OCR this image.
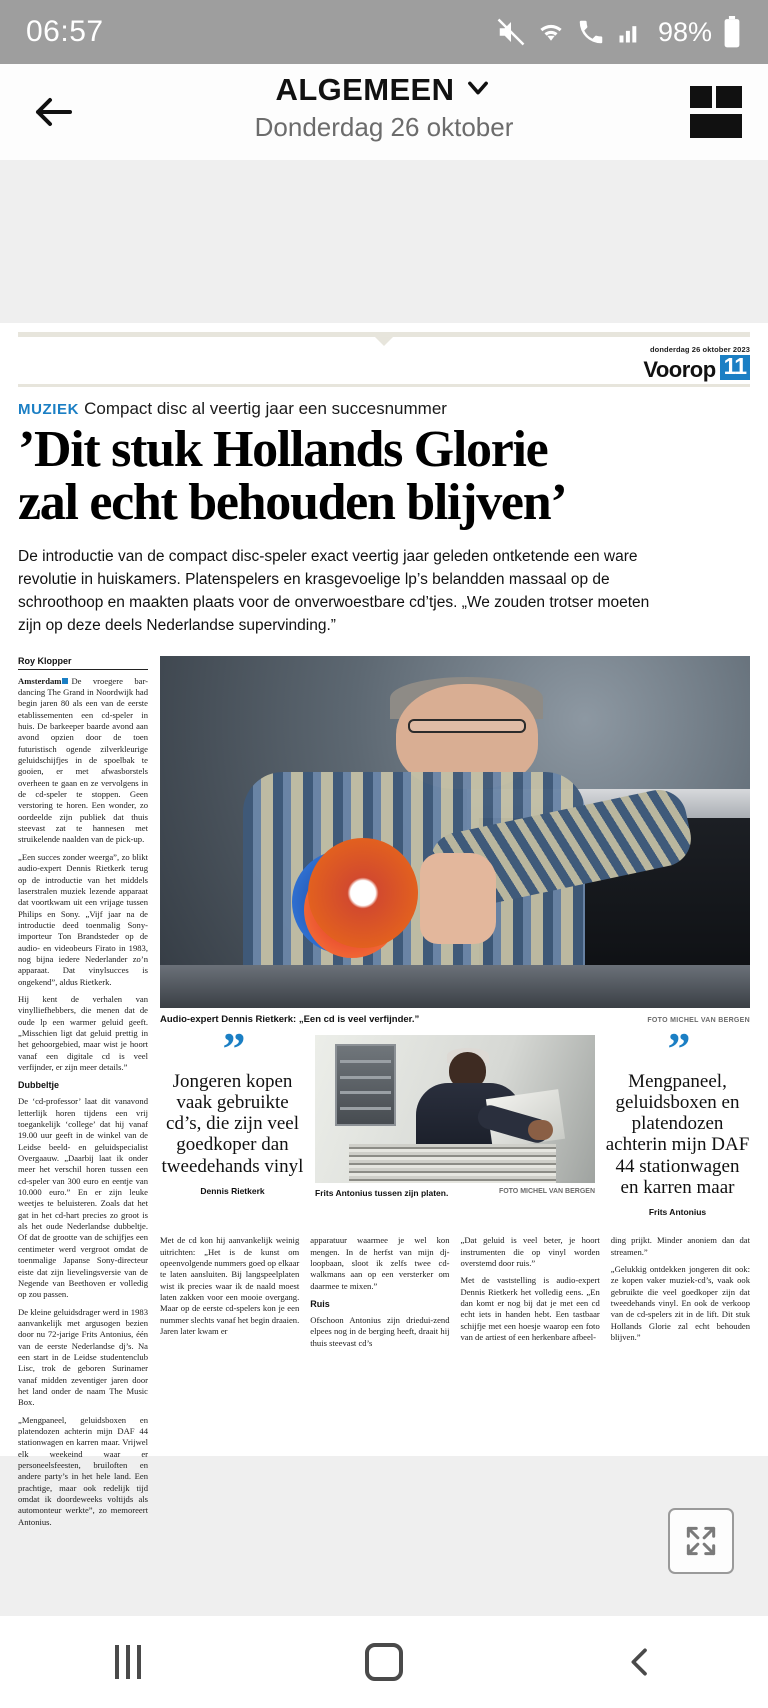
06:57	98%
ALGEMEEN
Donderdag 26 oktober
donderdag 26 oktober 2023
Voorop 11
MUZIEK Compact disc al veertig jaar een succesnummer
’Dit stuk Hollands Glorie
zal echt behouden blijven’
De introductie van de compact disc-speler exact veertig jaar geleden ontketende een ware revolutie in huiskamers. Platenspelers en krasgevoelige lp’s belandden massaal op de schroothoop en maakten plaats voor de onverwoestbare cd’tjes. „We zouden trotser moeten zijn op deze deels Nederlandse supervinding.”
Roy Klopper

Amsterdam De vroegere bar-dancing The Grand in Noordwijk had begin jaren 80 als een van de eerste etablissementen een cd-speler in huis. De barkeeper baarde avond aan avond opzien door de toen futuristisch ogende zilverkleurige geluidschijfjes in de spoelbak te gooien, er met afwasborstels overheen te gaan en ze vervolgens in de cd-speler te stoppen. Geen verstoring te horen. Een wonder, zo oordeelde zijn publiek dat thuis steevast zat te hannesen met struikelende naalden van de pick-up.

„Een succes zonder weerga”, zo blikt audio-expert Dennis Rietkerk terug op de introductie van het middels laserstralen muziek lezende apparaat dat voortkwam uit een vrijage tussen Philips en Sony. „Vijf jaar na de introductie deed toenmalig Sony-importeur Ton Brandsteder op de audio- en videobeurs Firato in 1983, nog bijna iedere Nederlander zo’n apparaat. Dat vinylsucces is ongekend”, aldus Rietkerk.

Hij kent de verhalen van vinylliefhebbers, die menen dat de oude lp een warmer geluid geeft. „Misschien ligt dat geluid prettig in het gehoorgebied, maar wist je hoort vanaf een digitale cd is veel verfijnder, er zijn meer details.”

Dubbeltje

De ‘cd-professor’ laat dit vanavond letterlijk horen tijdens een vrij toegankelijk ‘college’ dat hij vanaf 19.00 uur geeft in de winkel van de Leidse beeld- en geluidspecialist Overgaauw. „Daarbij laat ik onder meer het verschil horen tussen een cd-speler van 300 euro en eentje van 10.000 euro.” En er zijn leuke weetjes te beluisteren. Zoals dat het gat in het cd-hart precies zo groot is als het oude Nederlandse dubbeltje. Of dat de grootte van de schijfjes een centimeter werd vergroot omdat de toenmalige Japanse Sony-directeur eiste dat zijn lievelingsversie van de Negende van Beethoven er volledig op zou passen.

De kleine geluidsdrager werd in 1983 aanvankelijk met argusogen bezien door nu 72-jarige Frits Antonius, één van de eerste Nederlandse dj’s. Na een start in de Leidse studentenclub Lisc, trok de geboren Surinamer vanaf midden zeventiger jaren door het land onder de naam The Music Box.

„Mengpaneel, geluidsboxen en platendozen achterin mijn DAF 44 stationwagen en karren maar. Vrijwel elk weekeind waar er personeelsfeesten, bruiloften en andere party’s in het hele land. Een prachtige, maar ook redelijk tijd omdat ik doordeweeks voltijds als automonteur werkte”, zo memoreert Antonius.

Audio-expert Dennis Rietkerk: „Een cd is veel verfijnder.”	FOTO MICHEL VAN BERGEN
”
Jongeren kopen vaak gebruikte cd’s, die zijn veel goedkoper dan tweedehands vinyl
Dennis Rietkerk	FOTO MICHEL VAN BERGEN
Frits Antonius tussen zijn platen.
”
Mengpaneel, geluidsboxen en platendozen achterin mijn DAF 44 stationwagen en karren maar
Frits Antonius

Met de cd kon hij aanvankelijk weinig uitrichten: „Het is de kunst om opeenvolgende nummers goed op elkaar te laten aansluiten. Bij langspeelplaten wist ik precies waar ik de naald moest laten zakken voor een mooie overgang. Maar op de eerste cd-spelers kon je een nummer slechts vanaf het begin draaien. Jaren later kwam er

apparatuur waarmee je wel kon mengen. In de herfst van mijn dj-loopbaan, sloot ik zelfs twee cd-walkmans aan op een versterker om daarmee te mixen.”

Ruis

Ofschoon Antonius zijn driedui-zend elpees nog in de berging heeft, draait hij thuis steevast cd’s

„Dat geluid is veel beter, je hoort instrumenten die op vinyl worden overstemd door ruis.”

Met de vaststelling is audio-expert Dennis Rietkerk het volledig eens. „En dan komt er nog bij dat je met een cd echt iets in handen hebt. Een tastbaar schijfje met een hoesje waarop een foto van de artiest of een herkenbare afbeel-

ding prijkt. Minder anoniem dan dat streamen.”

„Gelukkig ontdekken jongeren dit ook: ze kopen vaker muziek-cd’s, vaak ook gebruikte die veel goedkoper zijn dat tweedehands vinyl. En ook de verkoop van de cd-spelers zit in de lift. Dit stuk Hollands Glorie zal echt behouden blijven.”
